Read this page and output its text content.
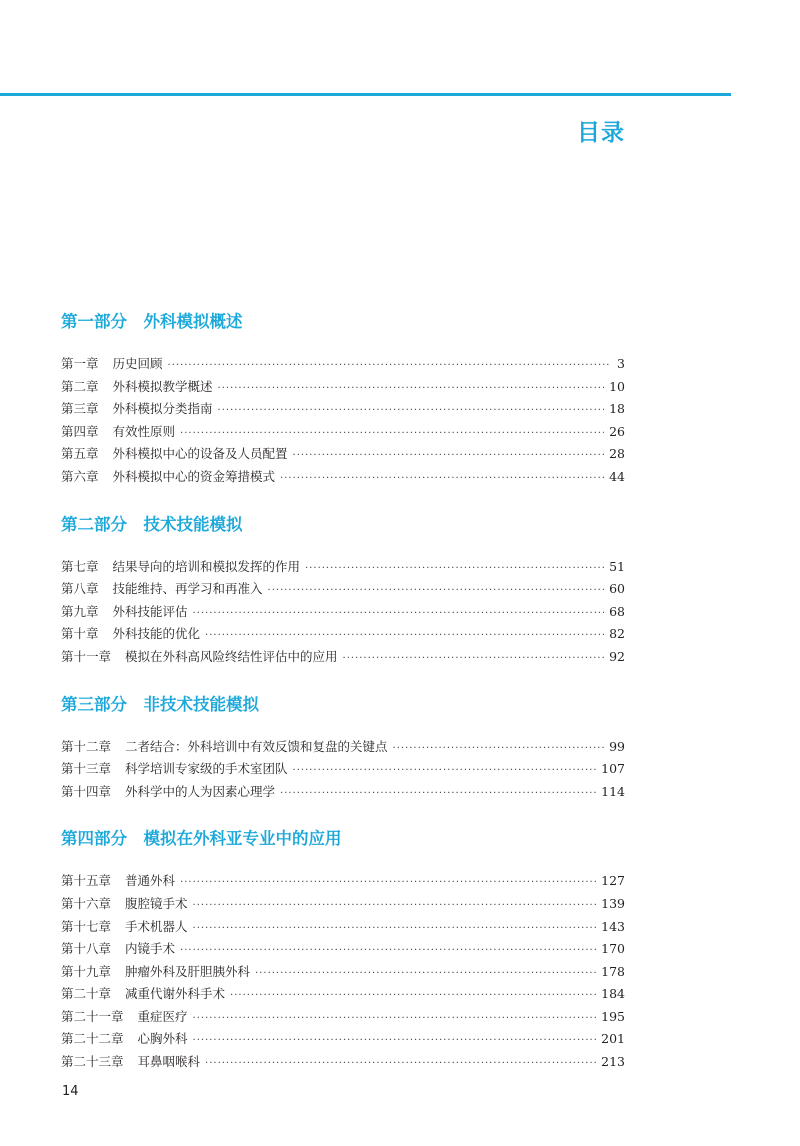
目录
第一部分　外科模拟概述
第一章 历史回顾 ·····	3
第二章 外科模拟教学概述 ·····	10
第三章 外科模拟分类指南 ·····	18
第四章 有效性原则 ·····	26
第五章 外科模拟中心的设备及人员配置 ·····	28
第六章 外科模拟中心的资金筹措模式 ·····	44
第二部分　技术技能模拟
第七章 结果导向的培训和模拟发挥的作用 ·····	51
第八章 技能维持、再学习和再准入 ·····	60
第九章 外科技能评估 ·····	68
第十章 外科技能的优化 ·····	82
第十一章 模拟在外科高风险终结性评估中的应用 ·····	92
第三部分　非技术技能模拟
第十二章 二者结合：外科培训中有效反馈和复盘的关键点 ·····	99
第十三章 科学培训专家级的手术室团队 ·····	107
第十四章 外科学中的人为因素心理学 ·····	114
第四部分　模拟在外科亚专业中的应用
第十五章 普通外科 ·····	127
第十六章 腹腔镜手术 ·····	139
第十七章 手术机器人 ·····	143
第十八章 内镜手术 ·····	170
第十九章 肿瘤外科及肝胆胰外科 ·····	178
第二十章 减重代谢外科手术 ·····	184
第二十一章 重症医疗 ·····	195
第二十二章 心胸外科 ·····	201
第二十三章 耳鼻咽喉科 ·····	213
14
